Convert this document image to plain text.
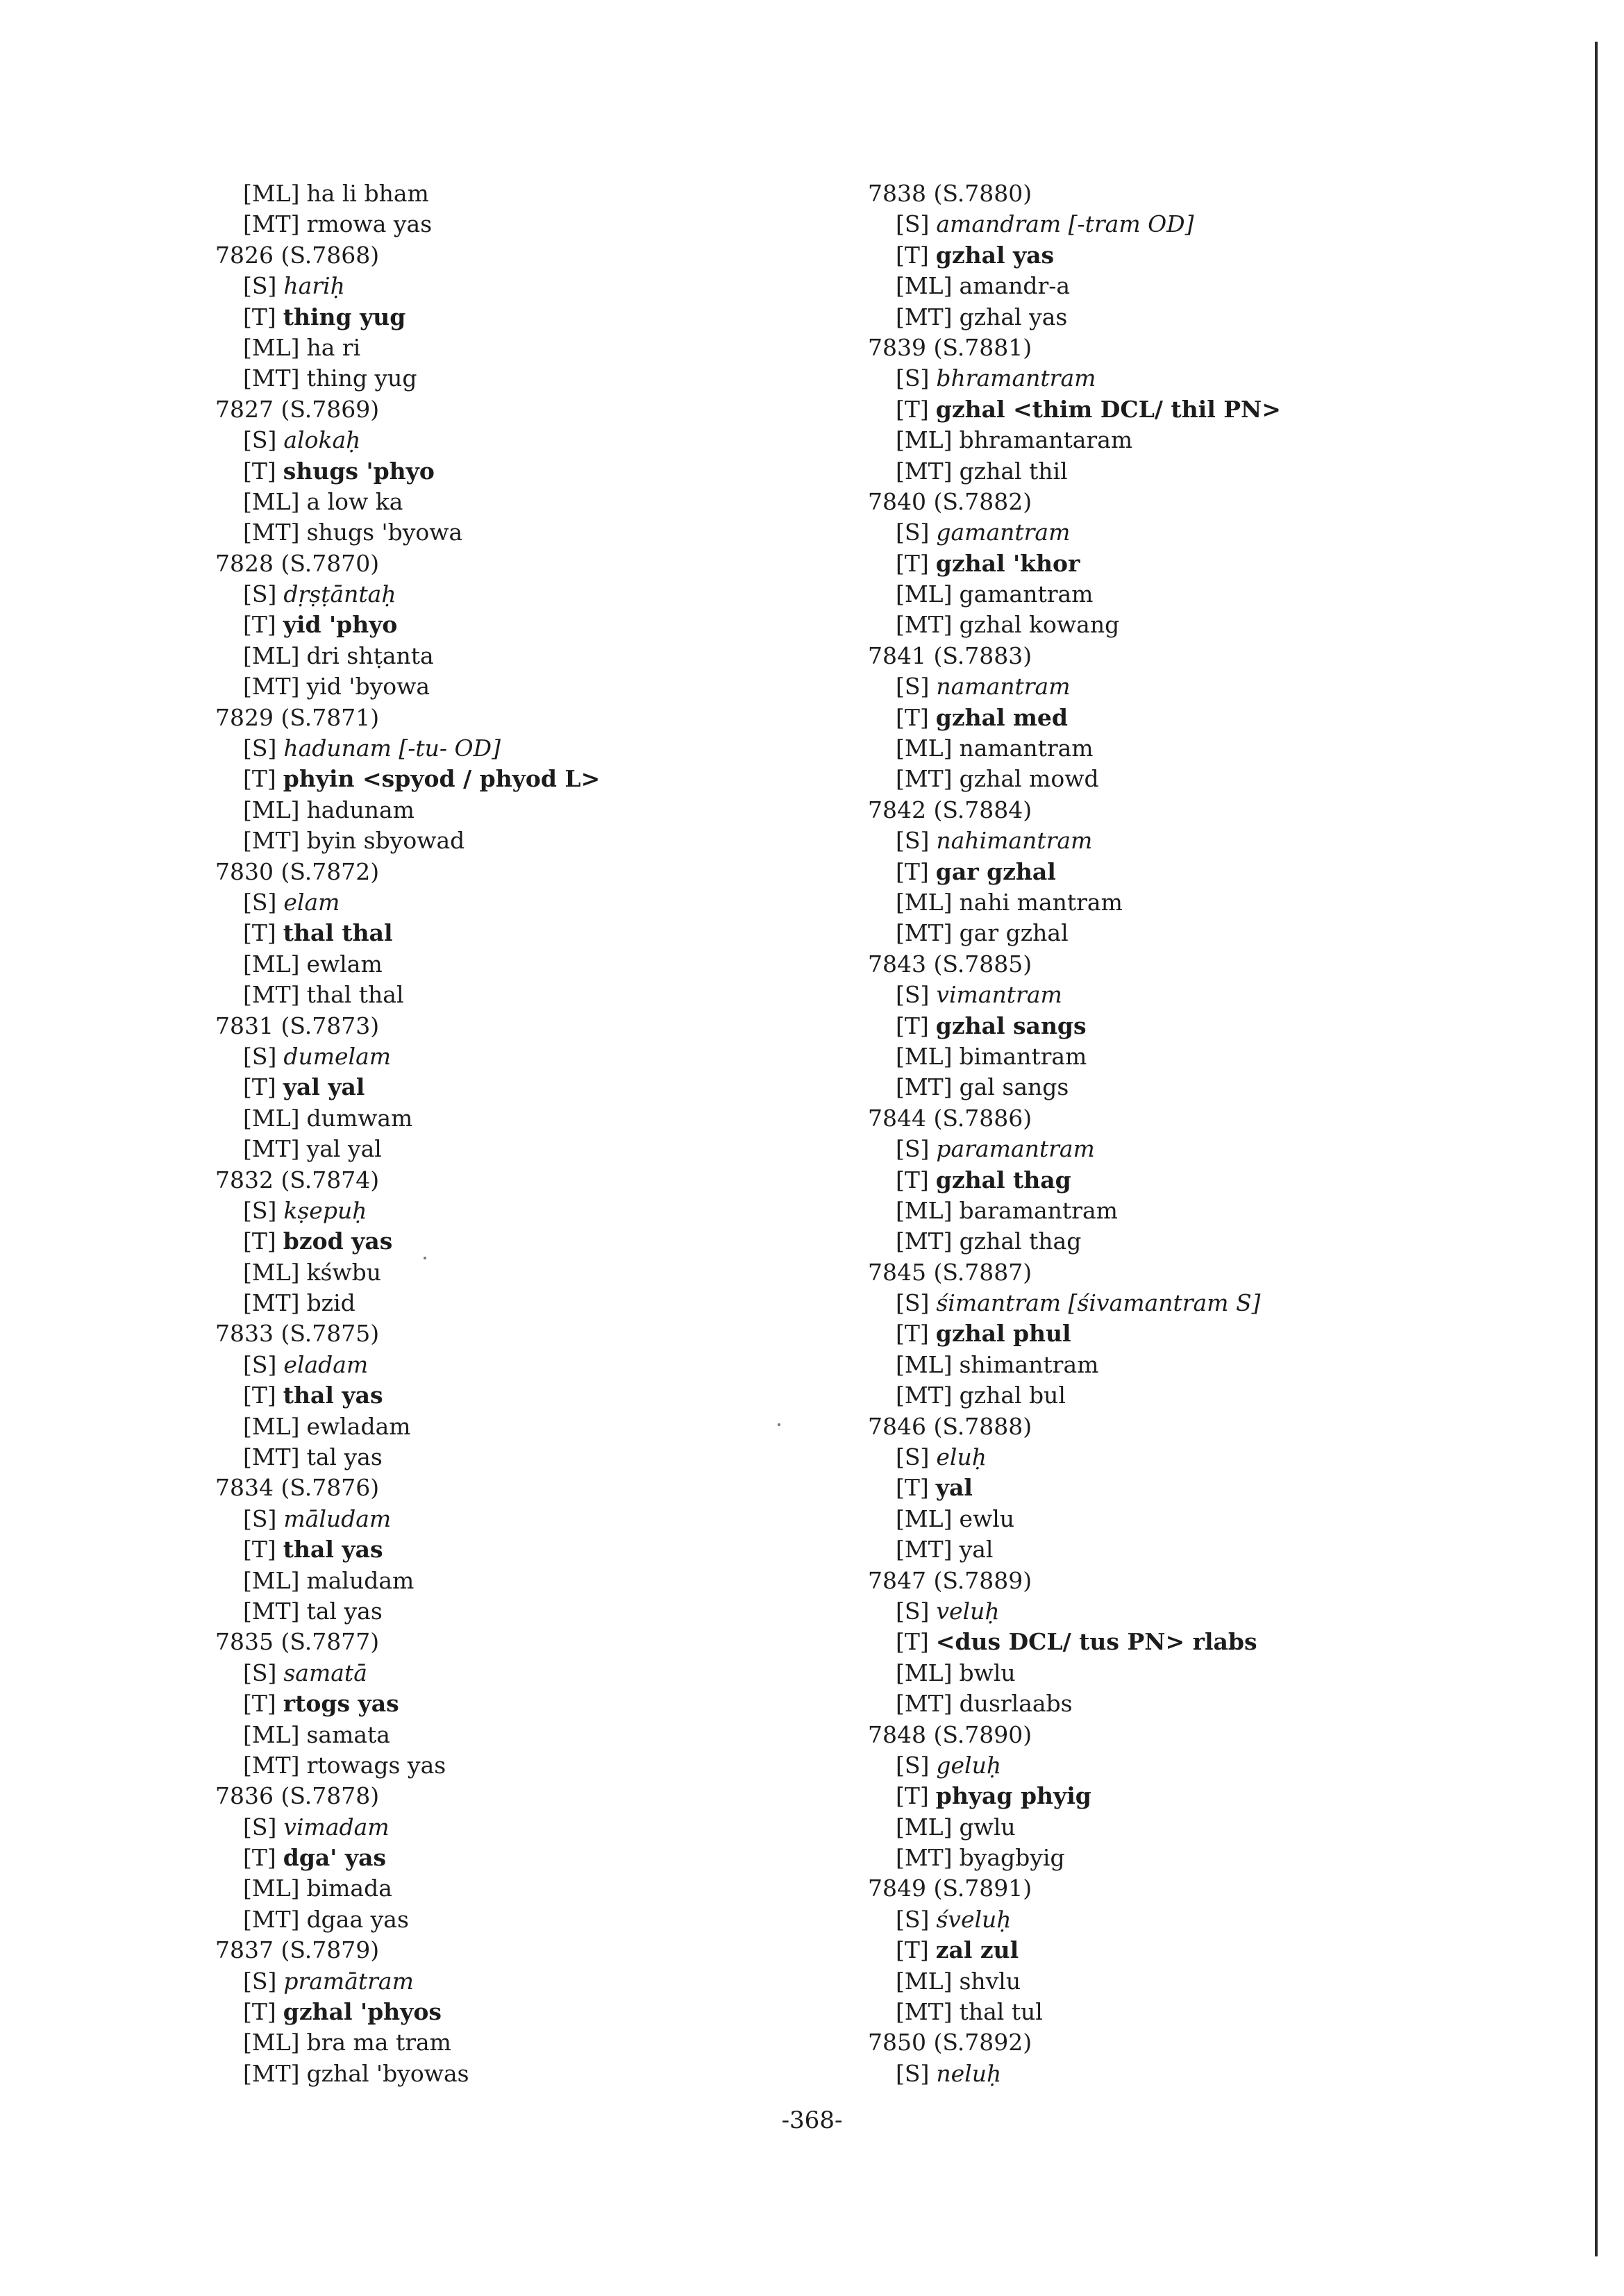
[ML] ha li bham
[MT] rmowa yas
7826 (S.7868)
[S] hariḥ
[T] thing yug
[ML] ha ri
[MT] thing yug
7827 (S.7869)
[S] alokaḥ
[T] shugs 'phyo
[ML] a low ka
[MT] shugs 'byowa
7828 (S.7870)
[S] dṛṣṭāntaḥ
[T] yid 'phyo
[ML] dri shṭanta
[MT] yid 'byowa
7829 (S.7871)
[S] hadunam [-tu- OD]
[T] phyin <spyod / phyod L>
[ML] hadunam
[MT] byin sbyowad
7830 (S.7872)
[S] elam
[T] thal thal
[ML] ewlam
[MT] thal thal
7831 (S.7873)
[S] dumelam
[T] yal yal
[ML] dumwam
[MT] yal yal
7832 (S.7874)
[S] kṣepuḥ
[T] bzod yas
[ML] kśwbu
[MT] bzid
7833 (S.7875)
[S] eladam
[T] thal yas
[ML] ewladam
[MT] tal yas
7834 (S.7876)
[S] māludam
[T] thal yas
[ML] maludam
[MT] tal yas
7835 (S.7877)
[S] samatā
[T] rtogs yas
[ML] samata
[MT] rtowags yas
7836 (S.7878)
[S] vimadam
[T] dga' yas
[ML] bimada
[MT] dgaa yas
7837 (S.7879)
[S] pramātram
[T] gzhal 'phyos
[ML] bra ma tram
[MT] gzhal 'byowas
7838 (S.7880)
[S] amandram [-tram OD]
[T] gzhal yas
[ML] amandr-a
[MT] gzhal yas
7839 (S.7881)
[S] bhramantram
[T] gzhal <thim DCL/ thil PN>
[ML] bhramantaram
[MT] gzhal thil
7840 (S.7882)
[S] gamantram
[T] gzhal 'khor
[ML] gamantram
[MT] gzhal kowang
7841 (S.7883)
[S] namantram
[T] gzhal med
[ML] namantram
[MT] gzhal mowd
7842 (S.7884)
[S] nahimantram
[T] gar gzhal
[ML] nahi mantram
[MT] gar gzhal
7843 (S.7885)
[S] vimantram
[T] gzhal sangs
[ML] bimantram
[MT] gal sangs
7844 (S.7886)
[S] paramantram
[T] gzhal thag
[ML] baramantram
[MT] gzhal thag
7845 (S.7887)
[S] śimantram [śivamantram S]
[T] gzhal phul
[ML] shimantram
[MT] gzhal bul
7846 (S.7888)
[S] eluḥ
[T] yal
[ML] ewlu
[MT] yal
7847 (S.7889)
[S] veluḥ
[T] <dus DCL/ tus PN> rlabs
[ML] bwlu
[MT] dusrlaabs
7848 (S.7890)
[S] geluḥ
[T] phyag phyig
[ML] gwlu
[MT] byagbyig
7849 (S.7891)
[S] śveluḥ
[T] zal zul
[ML] shvlu
[MT] thal tul
7850 (S.7892)
[S] neluḥ
-368-
